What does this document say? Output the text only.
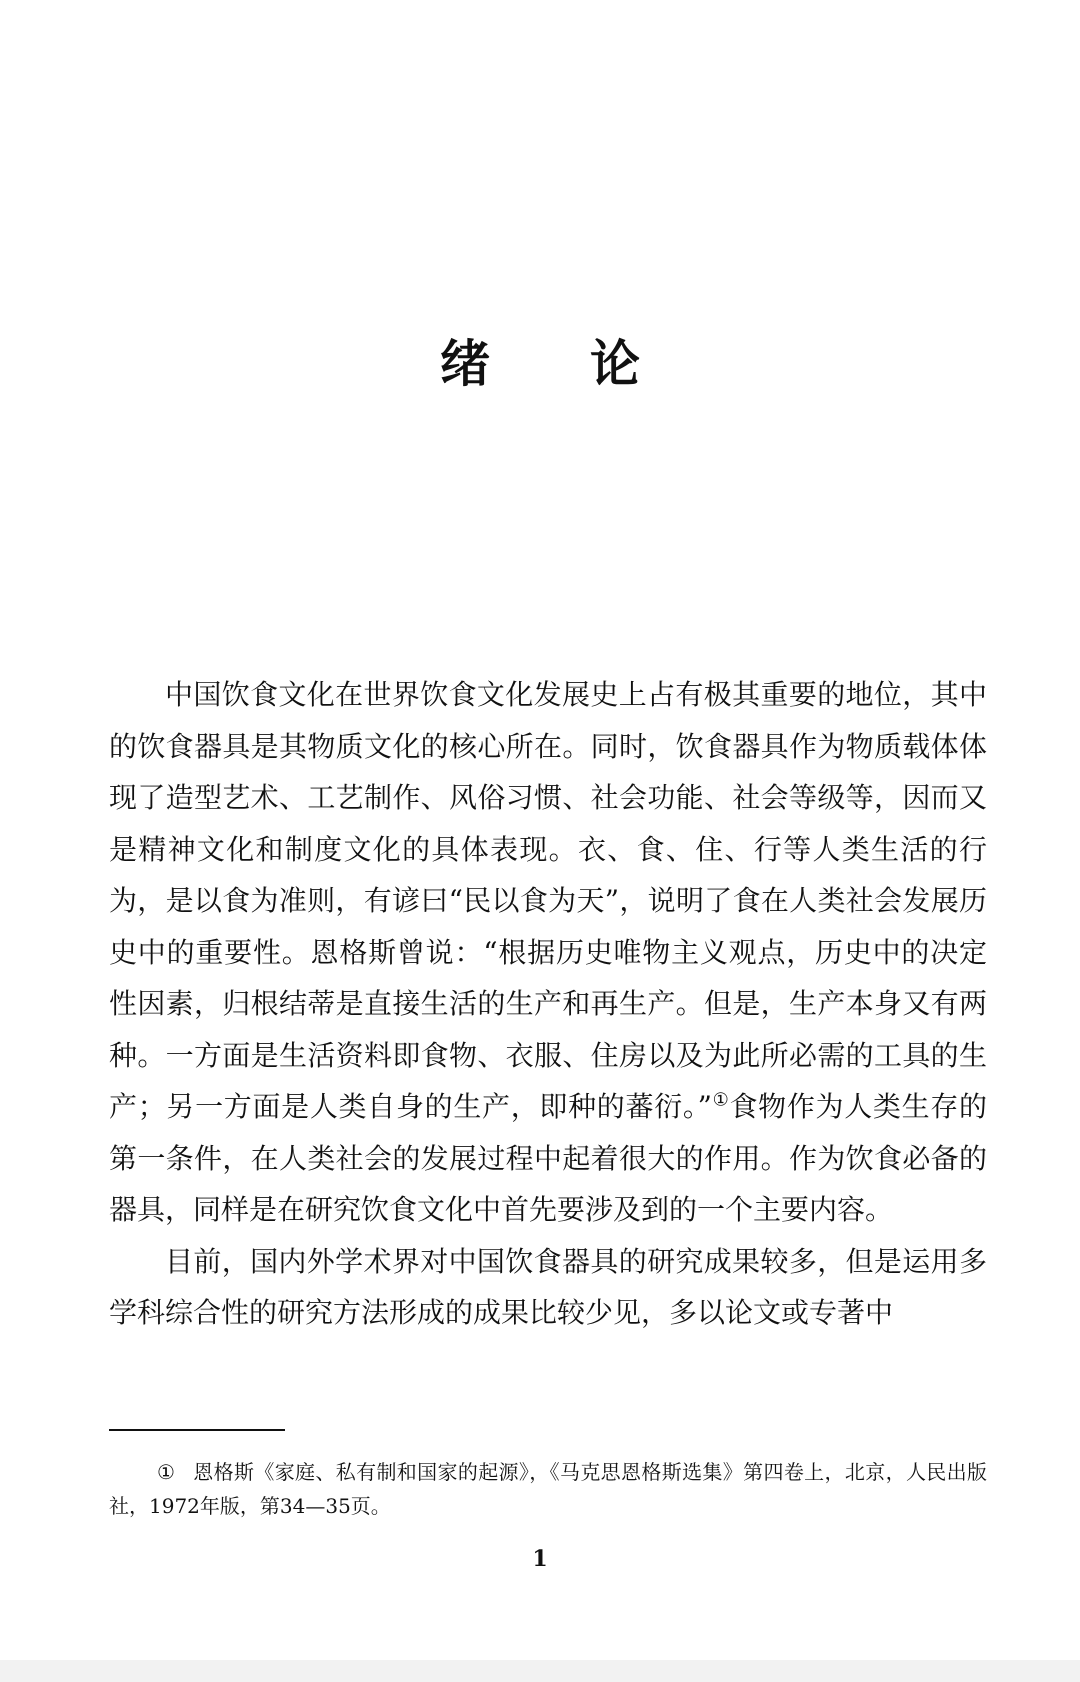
绪论

中国饮食文化在世界饮食文化发展史上占有极其重要的地位，其中的饮食器具是其物质文化的核心所在。同时，饮食器具作为物质载体体现了造型艺术、工艺制作、风俗习惯、社会功能、社会等级等，因而又是精神文化和制度文化的具体表现。衣、食、住、行等人类生活的行为，是以食为准则，有谚曰“民以食为天”，说明了食在人类社会发展历史中的重要性。恩格斯曾说：“根据历史唯物主义观点，历史中的决定性因素，归根结蒂是直接生活的生产和再生产。但是，生产本身又有两种。一方面是生活资料即食物、衣服、住房以及为此所必需的工具的生产；另一方面是人类自身的生产，即种的蕃衍。”①食物作为人类生存的第一条件，在人类社会的发展过程中起着很大的作用。作为饮食必备的器具，同样是在研究饮食文化中首先要涉及到的一个主要内容。

目前，国内外学术界对中国饮食器具的研究成果较多，但是运用多学科综合性的研究方法形成的成果比较少见，多以论文或专著中

① 恩格斯《家庭、私有制和国家的起源》，《马克思恩格斯选集》第四卷上，北京，人民出版社，1972年版，第34—35页。
1
